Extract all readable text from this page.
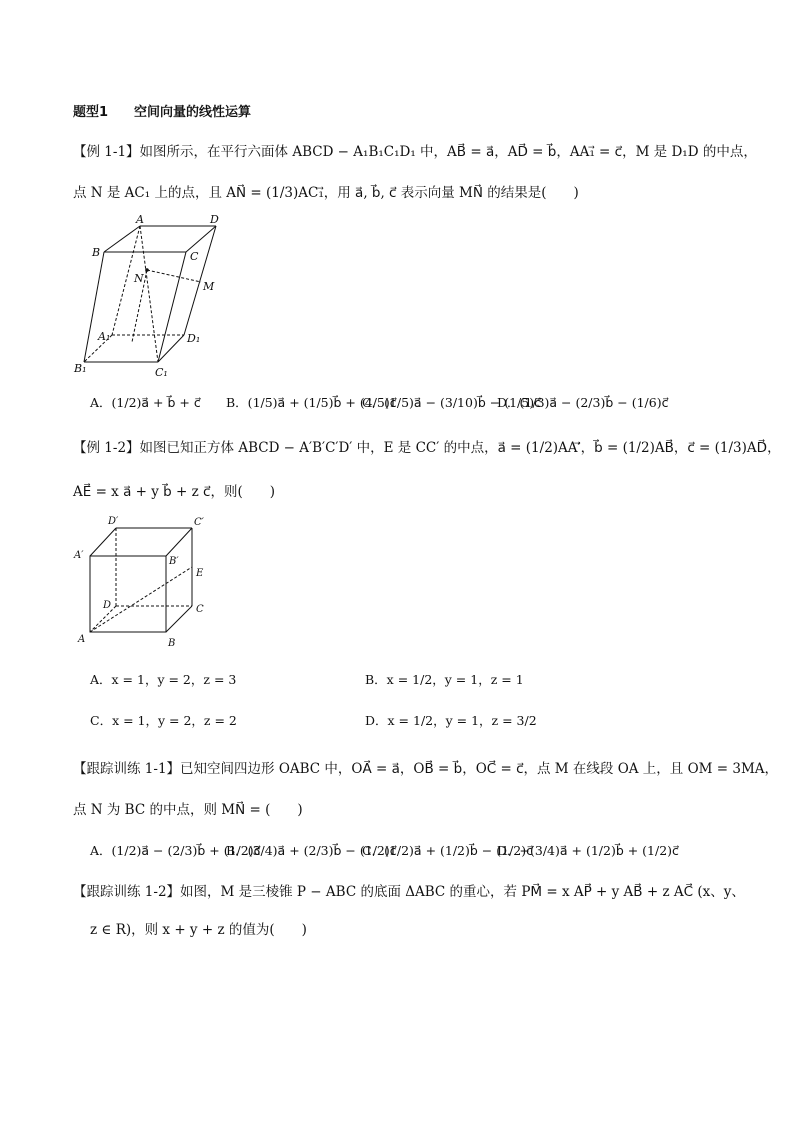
题型1　　空间向量的线性运算
【例 1-1】如图所示，在平行六面体 ABCD − A₁B₁C₁D₁ 中，AB⃗ = a⃗，AD⃗ = b⃗，AA₁⃗ = c⃗，M 是 D₁D 的中点，
点 N 是 AC₁ 上的点，且 AN⃗ = (1/3)AC₁⃗，用 a⃗, b⃗, c⃗ 表示向量 MN⃗ 的结果是(　　)
A	D
B	C
N
M
A₁	D₁
B₁	C₁
A．(1/2)a⃗ + b⃗ + c⃗ B．(1/5)a⃗ + (1/5)b⃗ + (4/5)c⃗
C．(1/5)a⃗ − (3/10)b⃗ − (1/5)c⃗
D．(1/3)a⃗ − (2/3)b⃗ − (1/6)c⃗
【例 1-2】如图已知正方体 ABCD − A′B′C′D′ 中，E 是 CC′ 的中点，a⃗ = (1/2)AA′⃗，b⃗ = (1/2)AB⃗，c⃗ = (1/3)AD⃗，
AE⃗ = x a⃗ + y b⃗ + z c⃗，则(　　)
D′	C′
A′
B′
E
D	C
A	B
A．x = 1，y = 2，z = 3	B．x = 1/2，y = 1，z = 1
C．x = 1，y = 2，z = 2	D．x = 1/2，y = 1，z = 3/2
【跟踪训练 1-1】已知空间四边形 OABC 中，OA⃗ = a⃗，OB⃗ = b⃗，OC⃗ = c⃗，点 M 在线段 OA 上，且 OM = 3MA，
点 N 为 BC 的中点，则 MN⃗ = (　　)
A．(1/2)a⃗ − (2/3)b⃗ + (1/2)c⃗
B．(3/4)a⃗ + (2/3)b⃗ − (1/2)c⃗
C．(1/2)a⃗ + (1/2)b⃗ − (1/2)c⃗
D．−(3/4)a⃗ + (1/2)b⃗ + (1/2)c⃗
【跟踪训练 1-2】如图，M 是三棱锥 P − ABC 的底面 ΔABC 的重心，若 PM⃗ = x AP⃗ + y AB⃗ + z AC⃗ (x、y、
z ∈ R)，则 x + y + z 的值为(　　)
